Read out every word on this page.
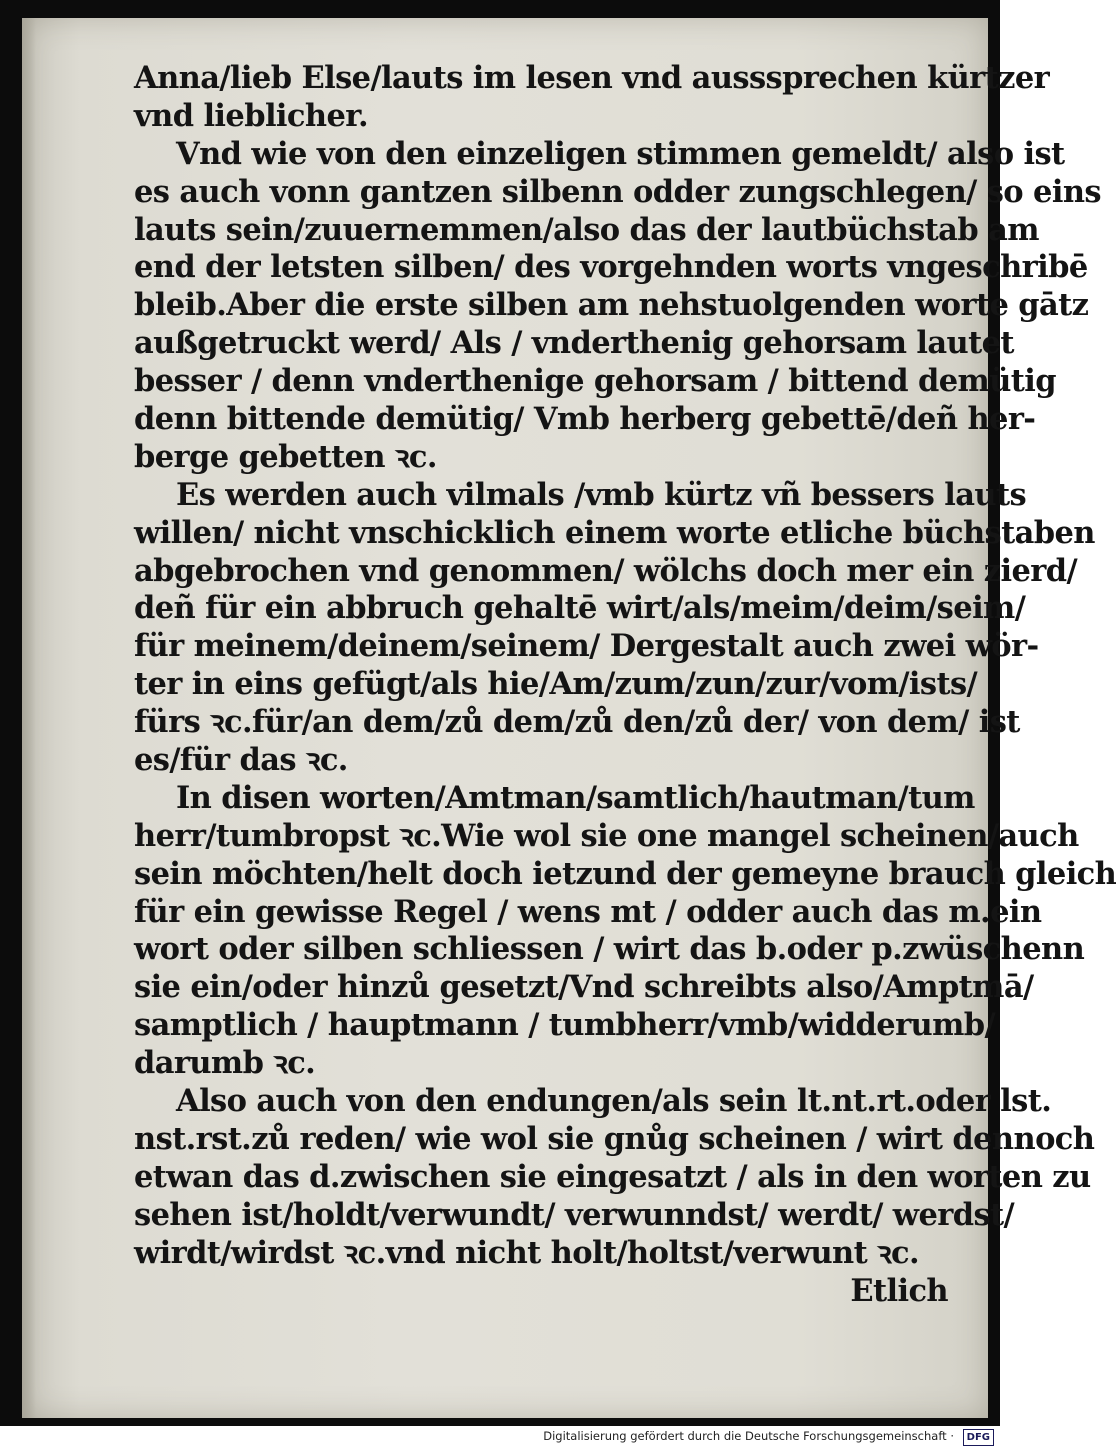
Anna/lieb Else/lauts im lesen vnd ausssprechen kürtzer
vnd lieblicher.
Vnd wie von den einzeligen stimmen gemeldt/ also ist
es auch vonn gantzen silbenn odder zungschlegen/ so eins
lauts sein/zuuernemmen/also das der lautbüchstab am
end der letsten silben/ des vorgehnden worts vngeschribē
bleib.Aber die erste silben am nehstuolgenden worte gātz
außgetruckt werd/ Als / vnderthenig gehorsam lautet
besser / denn vnderthenige gehorsam / bittend demütig
denn bittende demütig/ Vmb herberg gebettē/deñ her-
berge gebetten ꝛc.
Es werden auch vilmals /vmb kürtz vñ bessers lauts
willen/ nicht vnschicklich einem worte etliche büchstaben
abgebrochen vnd genommen/ wölchs doch mer ein zierd/
deñ für ein abbruch gehaltē wirt/als/meim/deim/seim/
für meinem/deinem/seinem/ Dergestalt auch zwei wör-
ter in eins gefügt/als hie/Am/zum/zun/zur/vom/ists/
fürs ꝛc.für/an dem/zů dem/zů den/zů der/ von dem/ ist
es/für das ꝛc.
In disen worten/Amtman/samtlich/hautman/tum
herr/tumbropst ꝛc.Wie wol sie one mangel scheinen/auch
sein möchten/helt doch ietzund der gemeyne brauch gleich
für ein gewisse Regel / wens mt / odder auch das m.ein
wort oder silben schliessen / wirt das b.oder p.zwüschenn
sie ein/oder hinzů gesetzt/Vnd schreibts also/Amptmā/
samptlich / hauptmann / tumbherr/vmb/widderumb/
darumb ꝛc.
Also auch von den endungen/als sein lt.nt.rt.oder lst.
nst.rst.zů reden/ wie wol sie gnůg scheinen / wirt dennoch
etwan das d.zwischen sie eingesatzt / als in den worten zu
sehen ist/holdt/verwundt/ verwunndst/ werdt/ werdst/
wirdt/wirdst ꝛc.vnd nicht holt/holtst/verwunt ꝛc.
Etlich
Digitalisierung gefördert durch die Deutsche Forschungsgemeinschaft ·	DFG
